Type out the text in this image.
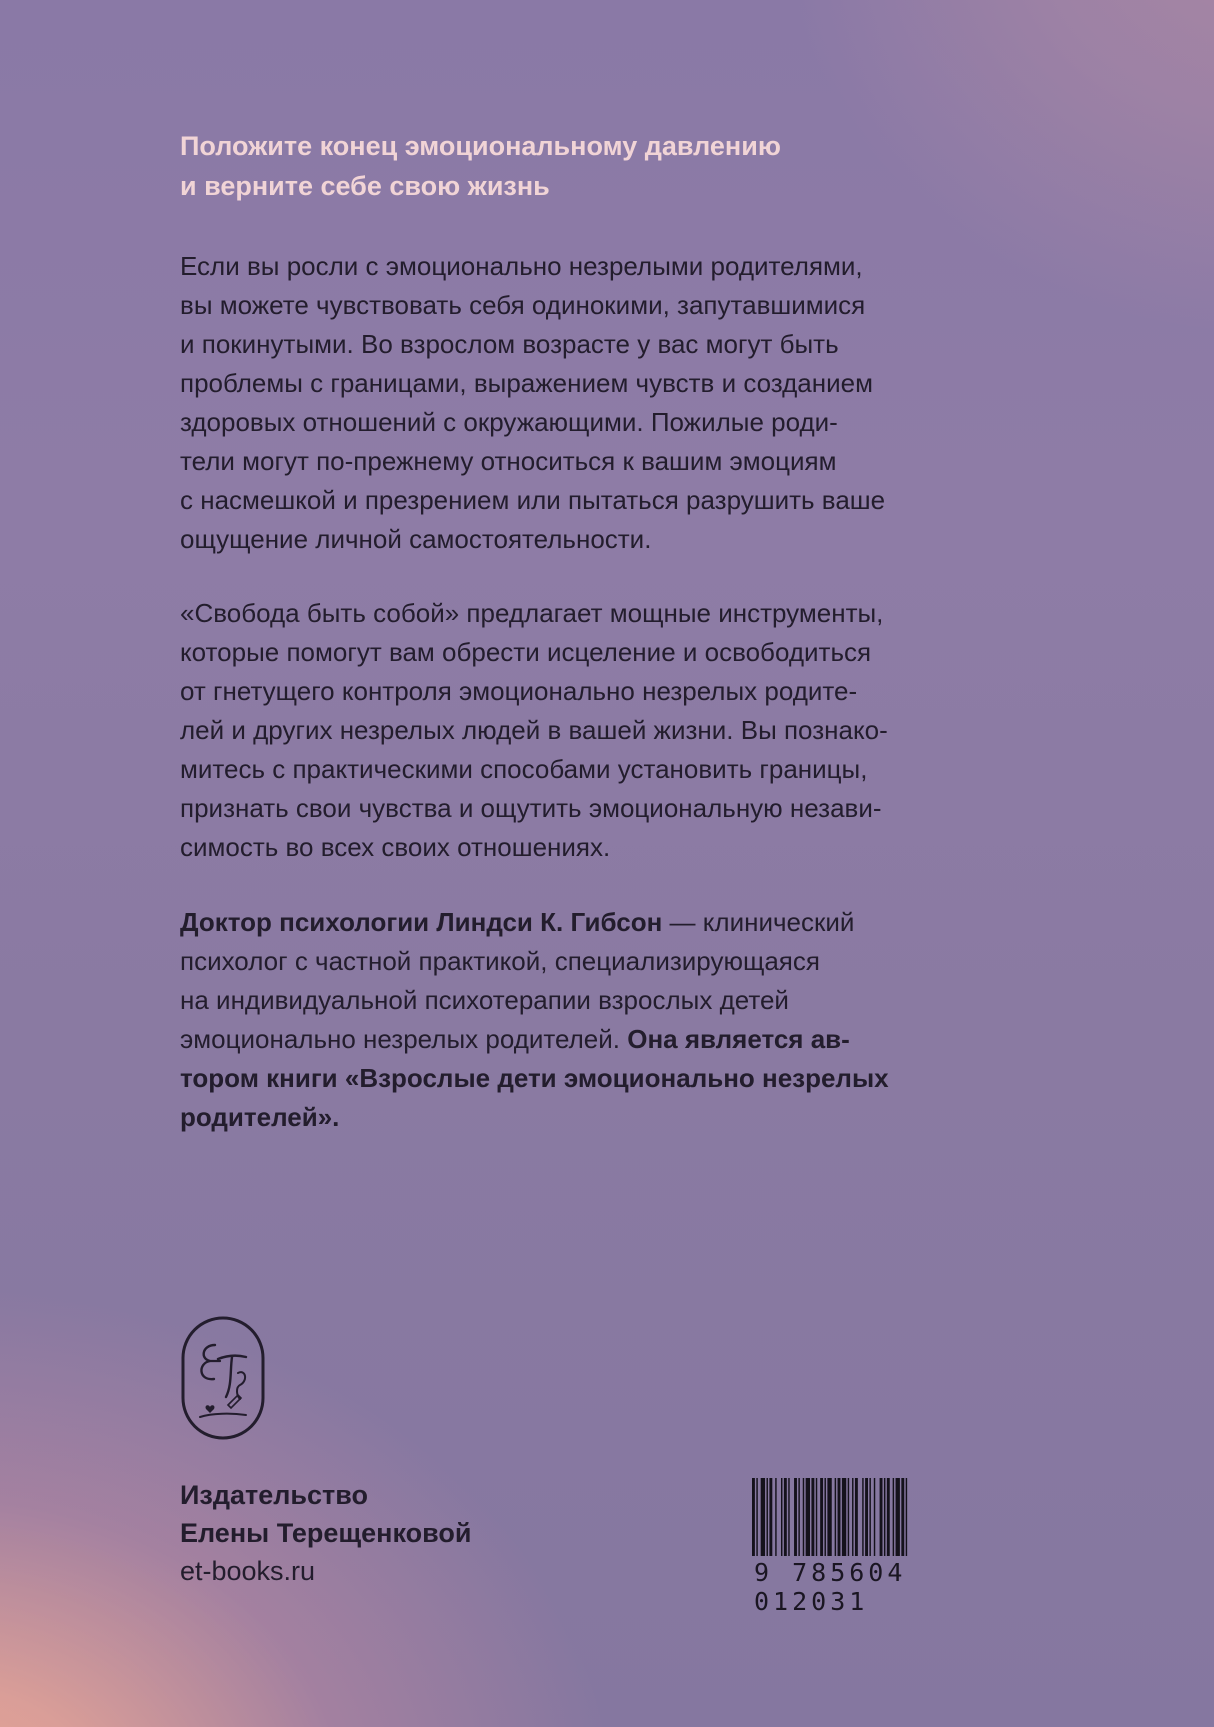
Положите конец эмоциональному давлению
и верните себе свою жизнь

Если вы росли с эмоционально незрелыми родителями,
вы можете чувствовать себя одинокими, запутавшимися
и покинутыми. Во взрослом возрасте у вас могут быть
проблемы с границами, выражением чувств и созданием
здоровых отношений с окружающими. Пожилые роди-
тели могут по-прежнему относиться к вашим эмоциям
с насмешкой и презрением или пытаться разрушить ваше
ощущение личной самостоятельности.

«Свобода быть собой» предлагает мощные инструменты,
которые помогут вам обрести исцеление и освободиться
от гнетущего контроля эмоционально незрелых родите-
лей и других незрелых людей в вашей жизни. Вы познако-
митесь с практическими способами установить границы,
признать свои чувства и ощутить эмоциональную незави-
симость во всех своих отношениях.

Доктор психологии Линдси К. Гибсон — клинический
психолог с частной практикой, специализирующаяся
на индивидуальной психотерапии взрослых детей
эмоционально незрелых родителей. Она является ав-
тором книги «Взрослые дети эмоционально незрелых
родителей».

Издательство
Елены Терещенковой
et-books.ru	9 785604 012031
